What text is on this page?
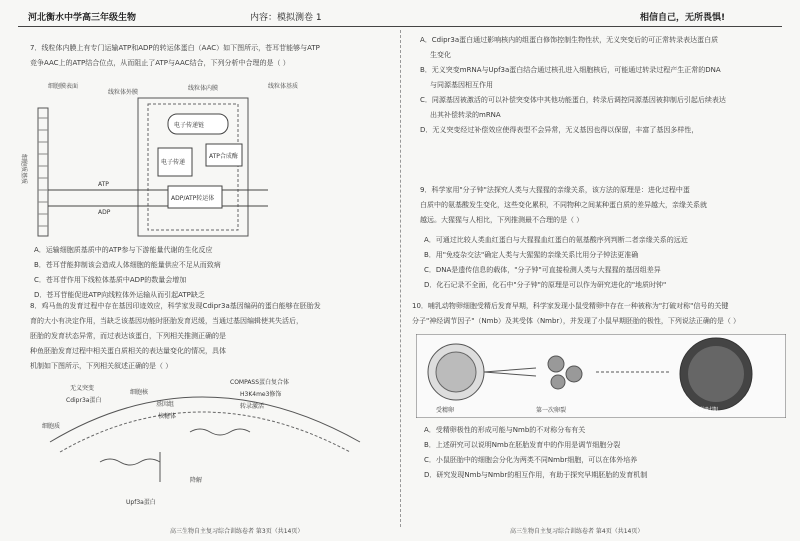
河北衡水中学高三年级生物	内容：模拟测卷 1	相信自己，无所畏惧!

7．线粒体内膜上有专门运输ATP和ADP的转运体蛋白（AAC）如下图所示，苍耳苷能够与ATP

竞争AAC上的ATP结合位点，从而阻止了ATP与AAC结合，下列分析中合理的是（ ）

细胞膜表面
线粒体外膜
线粒体内膜	线粒体基质
电子传递链
ATP合成酶
电子传递
ADP/ATP转运体
ATP
ADP
细胞质基质

A．运输细胞质基质中的ATP参与下游能量代谢的生化反应

B．苍耳苷能抑制该会造成人体细胞的能量供应不足从而致病

C．苍耳苷作用下线粒体基质中ADP的数量会增加

D．苍耳苷能促进ATP向线粒体外运输从而引起ATP缺乏

8．鸡马鱼的发育过程中存在基因印迹效应，科学家发现Cdipr3a基因编码的蛋白能够在胚胎发

育的大小有决定作用，当缺乏该基因功能时胚胎发育迟缓，当通过基因编辑使其失活后，

胚胎的发育状态异常，而过表达该蛋白，下列相关推测正确的是

种鱼胚胎发育过程中相关蛋白质相关的表达量变化的情况，具体

机制如下图所示，下列相关叙述正确的是（ ）

无义突变
Cdipr3a蛋白
细胞核
基因组
核糖体
COMPASS蛋白复合体
H3K4me3修饰
转录激活
细胞质
Upf3a蛋白
降解
高三生物自主复习综合训练卷者 第3页（共14页）

A．Cdipr3a蛋白通过影响核内的组蛋白修饰控制生物性状，无义突变后的可正常转录表达蛋白质

生变化

B．无义突变mRNA与Upf3a蛋白结合通过核孔进入细胞核后，可能通过转录过程产生正常的DNA

与同源基因相互作用

C．同源基因被激活的可以补偿突变体中其他功能蛋白，转录后调控同源基因被抑制后引起后续表达

出其补偿转录的mRNA

D．无义突变经过补偿效应使得表型不会异常，无义基因也得以保留，丰富了基因多样性，

9．科学家用"分子钟"法探究人类与大猩猩的亲缘关系，该方法的原理是：进化过程中蛋

白质中的氨基酸发生变化，这些变化累积，不同物种之间某种蛋白质的差异越大，亲缘关系就

越远。大猩猩与人相比，下列推测最不合理的是（ ）

A．可通过比较人类血红蛋白与大猩猩血红蛋白的氨基酸序列判断二者亲缘关系的远近

B．用"免疫杂交法"确定人类与大猩猩的亲缘关系比用分子钟法更准确

C．DNA是遗传信息的载体，"分子钟"可直接检测人类与大猩猩的基因组差异

D．化石记录不全面，化石中"分子钟"的原理是可以作为研究进化的"地质时钟"

10．哺乳动物卵细胞受精后发育早期，科学家发现小鼠受精卵中存在一种被称为"打破对称"信号的关键

分子"神经调节因子"（Nmb）及其受体（Nmbr），并发现了小鼠早期胚胎的极性，下列说法正确的是（ ）

受精卵	第一次卵裂	8细胞时期

A．受精卵极性的形成可能与Nmb的不对称分布有关

B．上述研究可以说明Nmb在胚胎发育中的作用是调节细胞分裂

C．小鼠胚胎中的细胞会分化为两类不同Nmbr细胞，可以在体外培养

D．研究发现Nmb与Nmbr的相互作用，有助于探究早期胚胎的发育机制

高三生物自主复习综合训练卷者 第4页（共14页）
